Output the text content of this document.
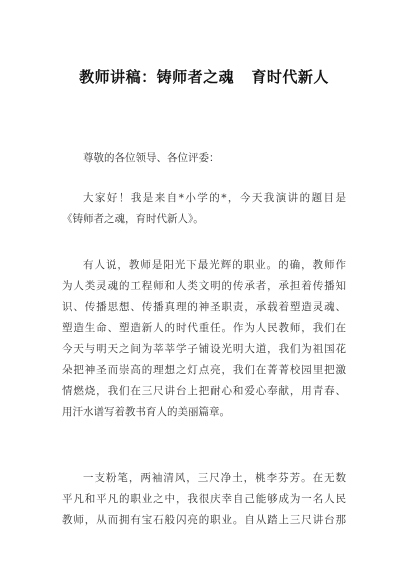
教师讲稿：铸师者之魂   育时代新人
尊敬的各位领导、各位评委：
大家好！我是来自*小学的*，今天我演讲的题目是
《铸师者之魂，育时代新人》。
有人说，教师是阳光下最光辉的职业。的确，教师作
为人类灵魂的工程师和人类文明的传承者，承担着传播知
识、传播思想、传播真理的神圣职责，承载着塑造灵魂、
塑造生命、塑造新人的时代重任。作为人民教师，我们在
今天与明天之间为莘莘学子铺设光明大道，我们为祖国花
朵把神圣而崇高的理想之灯点亮，我们在菁菁校园里把激
情燃烧，我们在三尺讲台上把耐心和爱心奉献，用青春、
用汗水谱写着教书育人的美丽篇章。
一支粉笔，两袖清风，三尺净土，桃李芬芳。在无数
平凡和平凡的职业之中，我很庆幸自己能够成为一名人民
教师，从而拥有宝石般闪亮的职业。自从踏上三尺讲台那
